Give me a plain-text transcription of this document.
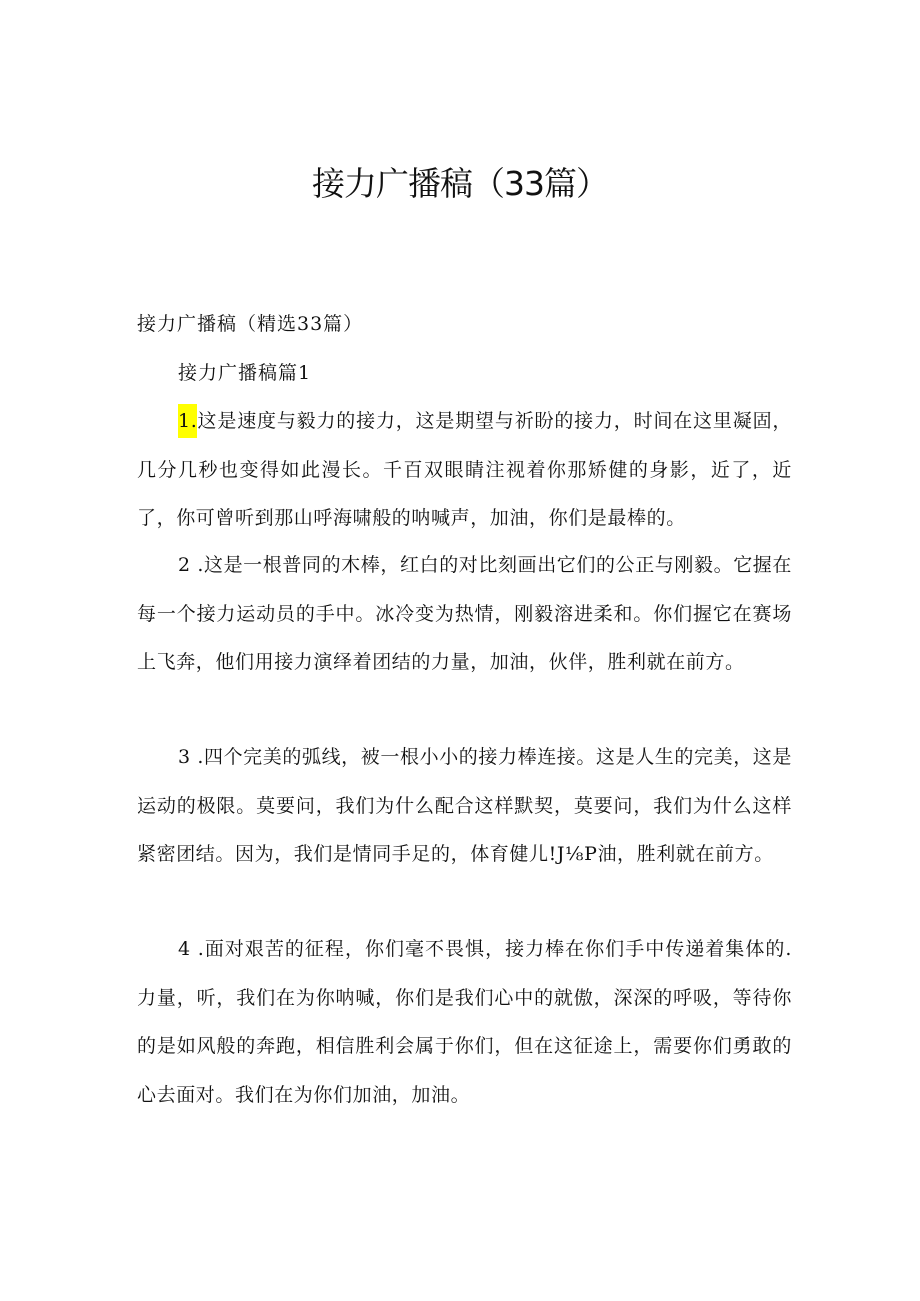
接力广播稿（33篇）
接力广播稿（精选33篇）
接力广播稿篇1

1.这是速度与毅力的接力，这是期望与祈盼的接力，时间在这里凝固，几分几秒也变得如此漫长。千百双眼睛注视着你那矫健的身影，近了，近了，你可曾听到那山呼海啸般的呐喊声，加油，你们是最棒的。

2 .这是一根普同的木棒，红白的对比刻画出它们的公正与刚毅。它握在每一个接力运动员的手中。冰冷变为热情，刚毅溶进柔和。你们握它在赛场上飞奔，他们用接力演绎着团结的力量，加油，伙伴，胜利就在前方。

3 .四个完美的弧线，被一根小小的接力棒连接。这是人生的完美，这是运动的极限。莫要问，我们为什么配合这样默契，莫要问，我们为什么这样紧密团结。因为，我们是情同手足的，体育健儿!J⅛P油，胜利就在前方。

4 .面对艰苦的征程，你们毫不畏惧，接力棒在你们手中传递着集体的.力量，听，我们在为你呐喊，你们是我们心中的就傲，深深的呼吸，等待你的是如风般的奔跑，相信胜利会属于你们，但在这征途上，需要你们勇敢的心去面对。我们在为你们加油，加油。
